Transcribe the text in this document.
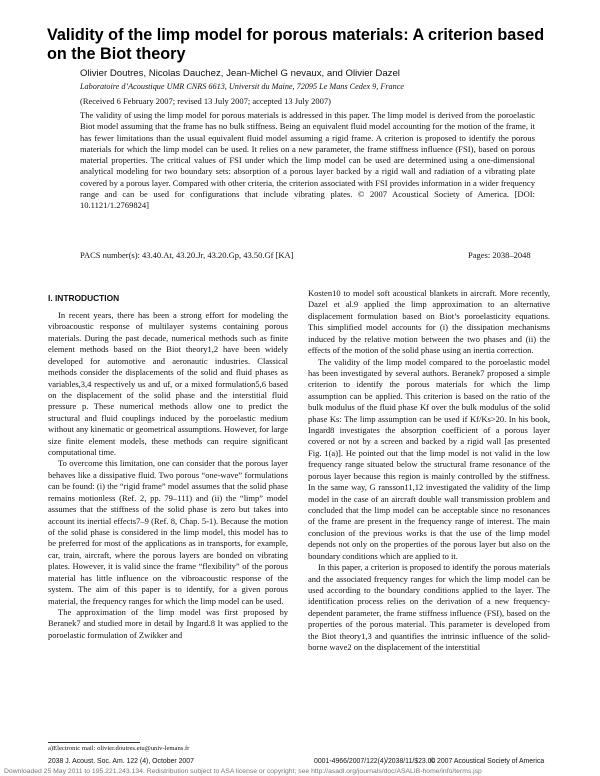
Validity of the limp model for porous materials: A criterion based on the Biot theory
Olivier Doutres, Nicolas Dauchez, Jean-Michel G nevaux, and Olivier Dazel
Laboratoire d’Acoustique UMR CNRS 6613, Universit du Maine, 72095 Le Mans Cedex 9, France
(Received 6 February 2007; revised 13 July 2007; accepted 13 July 2007)

The validity of using the limp model for porous materials is addressed in this paper. The limp model is derived from the poroelastic Biot model assuming that the frame has no bulk stiffness. Being an equivalent fluid model accounting for the motion of the frame, it has fewer limitations than the usual equivalent fluid model assuming a rigid frame. A criterion is proposed to identify the porous materials for which the limp model can be used. It relies on a new parameter, the frame stiffness influence (FSI), based on porous material properties. The critical values of FSI under which the limp model can be used are determined using a one-dimensional analytical modeling for two boundary sets: absorption of a porous layer backed by a rigid wall and radiation of a vibrating plate covered by a porous layer. Compared with other criteria, the criterion associated with FSI provides information in a wider frequency range and can be used for configurations that include vibrating plates. © 2007 Acoustical Society of America. [DOI: 10.1121/1.2769824]

PACS number(s): 43.40.At, 43.20.Jr, 43.20.Gp, 43.50.Gf [KA]	Pages: 2038–2048
I. INTRODUCTION

In recent years, there has been a strong effort for modeling the vibroacoustic response of multilayer systems containing porous materials. During the past decade, numerical methods such as finite element methods based on the Biot theory1,2 have been widely developed for automotive and aeronautic industries. Classical methods consider the displacements of the solid and fluid phases as variables,3,4 respectively us and uf, or a mixed formulation5,6 based on the displacement of the solid phase and the interstitial fluid pressure p. These numerical methods allow one to predict the structural and fluid couplings induced by the poroelastic medium without any kinematic or geometrical assumptions. However, for large size finite element models, these methods can require significant computational time.

To overcome this limitation, one can consider that the porous layer behaves like a dissipative fluid. Two porous “one-wave” formulations can be found: (i) the “rigid frame” model assumes that the solid phase remains motionless (Ref. 2, pp. 79–111) and (ii) the “limp” model assumes that the stiffness of the solid phase is zero but takes into account its inertial effects7–9 (Ref. 8, Chap. 5-1). Because the motion of the solid phase is considered in the limp model, this model has to be preferred for most of the applications as in transports, for example, car, train, aircraft, where the porous layers are bonded on vibrating plates. However, it is valid since the frame “flexibility” of the porous material has little influence on the vibroacoustic response of the system. The aim of this paper is to identify, for a given porous material, the frequency ranges for which the limp model can be used.

The approximation of the limp model was first proposed by Beranek7 and studied more in detail by Ingard.8 It was applied to the poroelastic formulation of Zwikker and

Kosten10 to model soft acoustical blankets in aircraft. More recently, Dazel et al.9 applied the limp approximation to an alternative displacement formulation based on Biot’s poroelasticity equations. This simplified model accounts for (i) the dissipation mechanisms induced by the relative motion between the two phases and (ii) the effects of the motion of the solid phase using an inertia correction.

The validity of the limp model compared to the poroelastic model has been investigated by several authors. Beranek7 proposed a simple criterion to identify the porous materials for which the limp assumption can be applied. This criterion is based on the ratio of the bulk modulus of the fluid phase Kf over the bulk modulus of the solid phase Ks: The limp assumption can be used if Kf/Ks>20. In his book, Ingard8 investigates the absorption coefficient of a porous layer covered or not by a screen and backed by a rigid wall [as presented Fig. 1(a)]. He pointed out that the limp model is not valid in the low frequency range situated below the structural frame resonance of the porous layer because this region is mainly controlled by the stiffness. In the same way, G ransson11,12 investigated the validity of the limp model in the case of an aircraft double wall transmission problem and concluded that the limp model can be acceptable since no resonances of the frame are present in the frequency range of interest. The main conclusion of the previous works is that the use of the limp model depends not only on the properties of the porous layer but also on the boundary conditions which are applied to it.

In this paper, a criterion is proposed to identify the porous materials and the associated frequency ranges for which the limp model can be used according to the boundary conditions applied to the layer. The identification process relies on the derivation of a new frequency-dependent parameter, the frame stiffness influence (FSI), based on the properties of the porous material. This parameter is developed from the Biot theory1,3 and quantifies the intrinsic influence of the solid-borne wave2 on the displacement of the interstitial

a)Electronic mail: olivier.doutres.etu@univ-lemans.fr
2038 J. Acoust. Soc. Am. 122 (4), October 2007	0001-4966/2007/122(4)/2038/11/$23.00
© 2007 Acoustical Society of America
Downloaded 25 May 2011 to 195.221.243.134. Redistribution subject to ASA license or copyright; see http://asadl.org/journals/doc/ASALIB-home/info/terms.jsp
